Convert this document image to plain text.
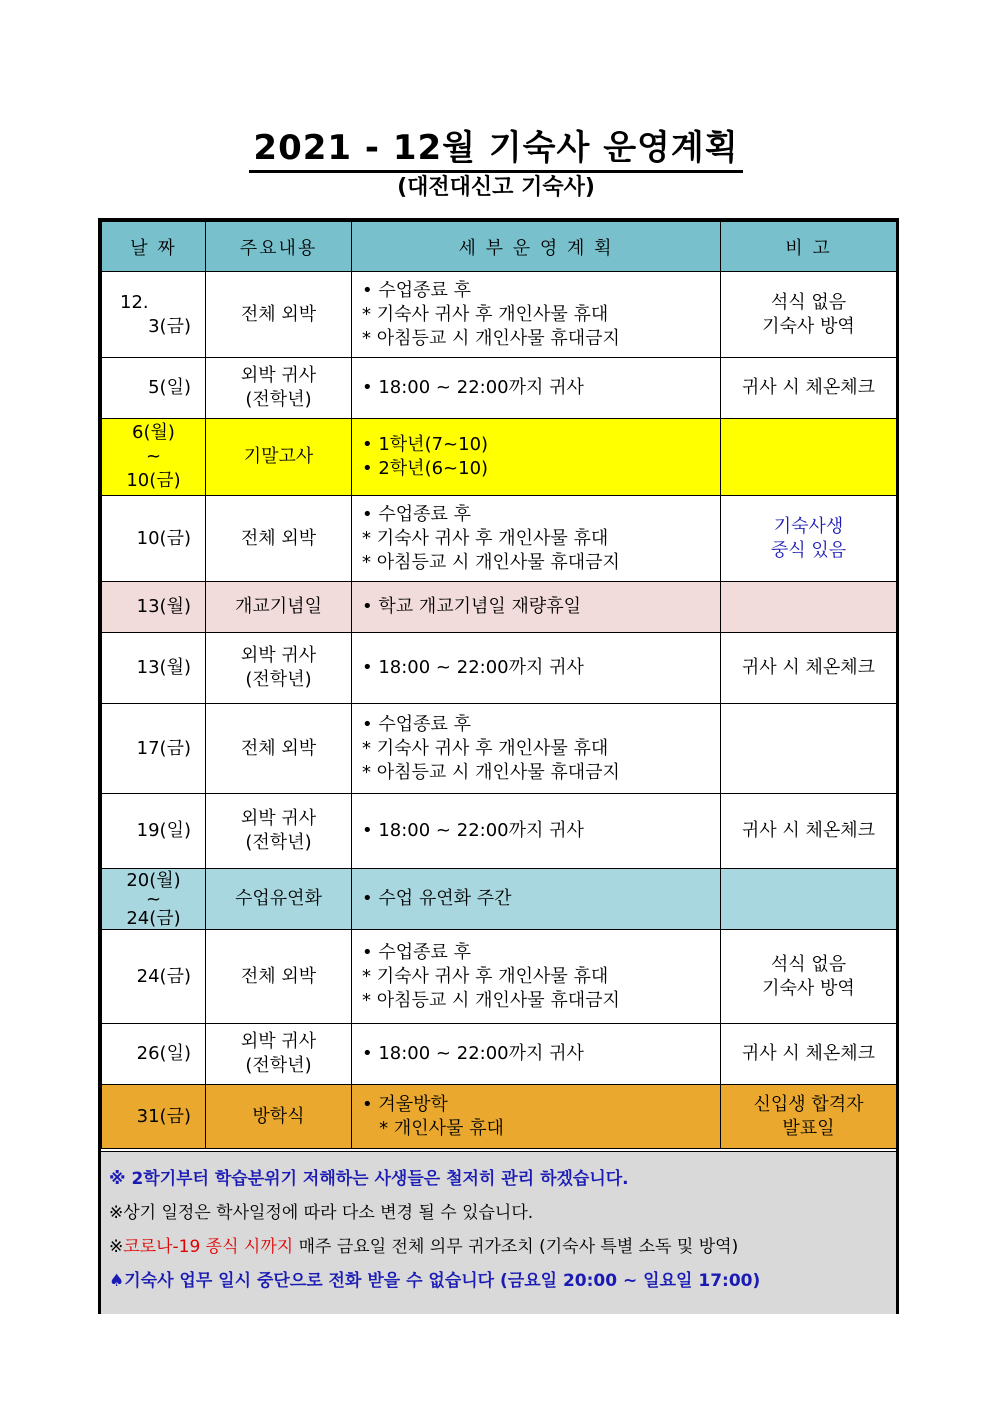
2021 - 12월 기숙사 운영계획
(대전대신고 기숙사)
날 짜	주요내용	세 부 운 영 계 획	비 고

12.
3(금)	전체 외박	• 수업종료 후
* 기숙사 귀사 후 개인사물 휴대
* 아침등교 시 개인사물 휴대금지	석식 없음
기숙사 방역

5(일)	외박 귀사
(전학년)	• 18:00 ~ 22:00까지 귀사	귀사 시 체온체크

6(월)
~
10(금)	기말고사	• 1학년(7~10)
• 2학년(6~10)	

10(금)	전체 외박	• 수업종료 후
* 기숙사 귀사 후 개인사물 휴대
* 아침등교 시 개인사물 휴대금지	기숙사생
중식 있음

13(월)	개교기념일	• 학교 개교기념일 재량휴일	

13(월)	외박 귀사
(전학년)	• 18:00 ~ 22:00까지 귀사	귀사 시 체온체크

17(금)	전체 외박	• 수업종료 후
* 기숙사 귀사 후 개인사물 휴대
* 아침등교 시 개인사물 휴대금지	

19(일)	외박 귀사
(전학년)	• 18:00 ~ 22:00까지 귀사	귀사 시 체온체크

20(월)
~
24(금)	수업유연화	• 수업 유연화 주간	

24(금)	전체 외박	• 수업종료 후
* 기숙사 귀사 후 개인사물 휴대
* 아침등교 시 개인사물 휴대금지	석식 없음
기숙사 방역

26(일)	외박 귀사
(전학년)	• 18:00 ~ 22:00까지 귀사	귀사 시 체온체크

31(금)	방학식	• 겨울방학
* 개인사물 휴대	신입생 합격자
발표일
※ 2학기부터 학습분위기 저해하는 사생들은 철저히 관리 하겠습니다.
※상기 일정은 학사일정에 따라 다소 변경 될 수 있습니다.
※코로나-19 종식 시까지 매주 금요일 전체 의무 귀가조치 (기숙사 특별 소독 및 방역)
♠기숙사 업무 일시 중단으로 전화 받을 수 없습니다 (금요일 20:00 ~ 일요일 17:00)
